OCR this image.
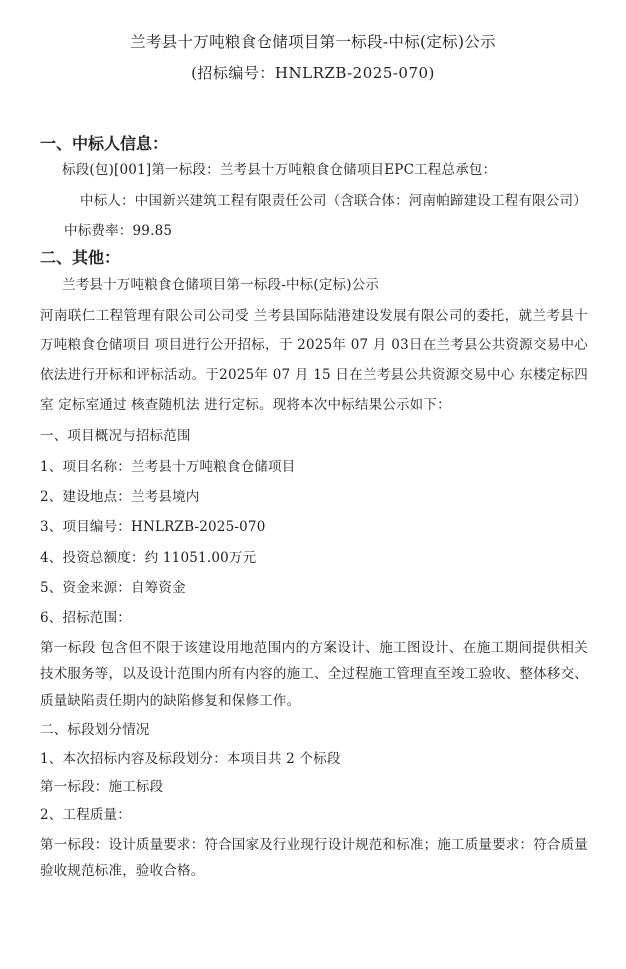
兰考县十万吨粮食仓储项目第一标段-中标(定标)公示
(招标编号：HNLRZB-2025-070)
一、中标人信息：
标段(包)[001]第一标段：兰考县十万吨粮食仓储项目EPC工程总承包：
中标人：中国新兴建筑工程有限责任公司（含联合体：河南帕蹄建设工程有限公司）
中标费率：99.85
二、其他：
兰考县十万吨粮食仓储项目第一标段-中标(定标)公示
河南联仁工程管理有限公司公司受 兰考县国际陆港建设发展有限公司的委托，就兰考县十
万吨粮食仓储项目 项目进行公开招标，于 2025年 07 月 03日在兰考县公共资源交易中心
依法进行开标和评标活动。于2025年 07 月 15 日在兰考县公共资源交易中心 东楼定标四
室 定标室通过 核查随机法 进行定标。现将本次中标结果公示如下：
一、项目概况与招标范围
1、项目名称：兰考县十万吨粮食仓储项目
2、建设地点：兰考县境内
3、项目编号：HNLRZB-2025-070
4、投资总额度：约 11051.00万元
5、资金来源：自筹资金
6、招标范围：
第一标段 包含但不限于该建设用地范围内的方案设计、施工图设计、在施工期间提供相关
技术服务等，以及设计范围内所有内容的施工、全过程施工管理直至竣工验收、整体移交、
质量缺陷责任期内的缺陷修复和保修工作。
二、标段划分情况
1、本次招标内容及标段划分：本项目共 2 个标段
第一标段：施工标段
2、工程质量：
第一标段：设计质量要求：符合国家及行业现行设计规范和标准；施工质量要求：符合质量
验收规范标准，验收合格。
